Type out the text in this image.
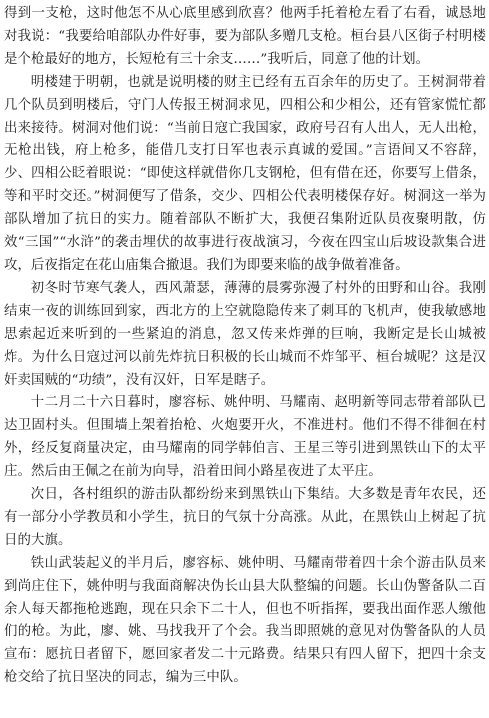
得到一支枪，这时他怎不从心底里感到欣喜？他两手托着枪左看了右看，诚恳地对我说：“我要给咱部队办件好事，要为部队多赠几支枪。桓台县八区街子村明楼是个枪最好的地方，长短枪有三十余支……”我听后，同意了他的计划。

明楼建于明朝，也就是说明楼的财主已经有五百余年的历史了。王树洞带着几个队员到明楼后，守门人传报王树洞求见，四相公和少相公，还有管家慌忙都出来接待。树洞对他们说：“当前日寇亡我国家，政府号召有人出人，无人出枪，无枪出钱，府上枪多，能借几支打日军也表示真诚的爱国。”言语间又不容辞，少、四相公眨着眼说：“即使这样就借你几支钢枪，但有借在还，你要写上借条，等和平时交还。”树洞便写了借条，交少、四相公代表明楼保存好。树洞这一举为部队增加了抗日的实力。随着部队不断扩大，我便召集附近队员夜聚明散，仿效“三国”“水浒”的袭击埋伏的故事进行夜战演习，今夜在四宝山后坡设款集合进攻，后夜指定在花山庙集合撤退。我们为即要来临的战争做着准备。

初冬时节寒气袭人，西风萧瑟，薄薄的晨雾弥漫了村外的田野和山谷。我刚结束一夜的训练回到家，西北方的上空就隐隐传来了刺耳的飞机声，使我敏感地思索起近来听到的一些紧迫的消息，忽又传来炸弹的巨响，我断定是长山城被炸。为什么日寇过河以前先炸抗日积极的长山城而不炸邹平、桓台城呢？这是汉奸卖国贼的“功绩”，没有汉奸，日军是瞎子。

十二月二十六日暮时，廖容标、姚仲明、马耀南、赵明新等同志带着部队已达卫固村头。但围墙上架着抬枪、火炮要开火，不准进村。他们不得不徘徊在村外，经反复商量决定，由马耀南的同学韩伯言、王星三等引进到黑铁山下的太平庄。然后由王佩之在前为向导，沿着田间小路星夜进了太平庄。

次日，各村组织的游击队都纷纷来到黑铁山下集结。大多数是青年农民，还有一部分小学教员和小学生，抗日的气氛十分高涨。从此，在黑铁山上树起了抗日的大旗。

铁山武装起义的半月后，廖容标、姚仲明、马耀南带着四十余个游击队员来到尚庄住下，姚仲明与我面商解决伪长山县大队整编的问题。长山伪警备队二百余人每天都拖枪逃跑，现在只余下二十人，但也不听指挥，要我出面作恶人缴他们的枪。为此，廖、姚、马找我开了个会。我当即照姚的意见对伪警备队的人员宣布：愿抗日者留下，愿回家者发二十元路费。结果只有四人留下，把四十余支枪交给了抗日坚决的同志，编为三中队。
